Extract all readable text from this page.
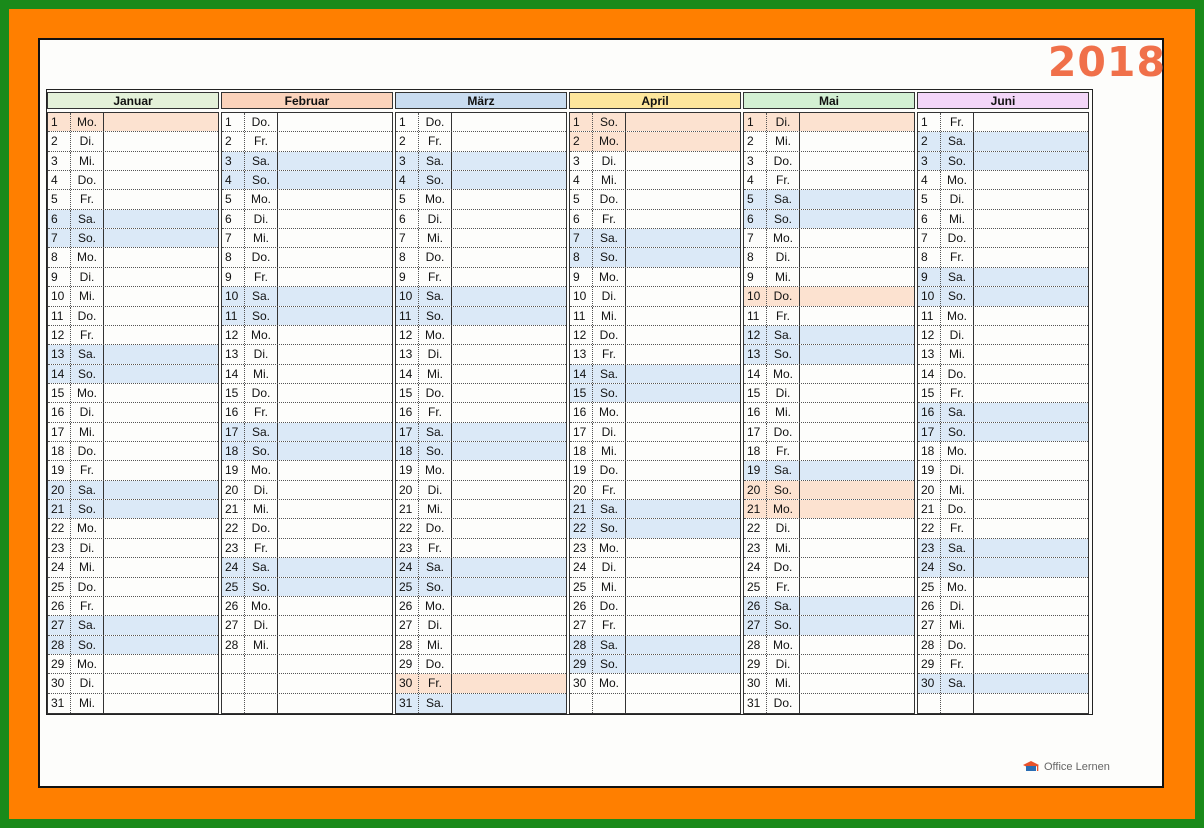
2018
Januar
1	Mo.
2	Di.
3	Mi.
4	Do.
5	Fr.
6	Sa.
7	So.
8	Mo.
9	Di.
10	Mi.
11	Do.
12	Fr.
13	Sa.
14	So.
15	Mo.
16	Di.
17	Mi.
18	Do.
19	Fr.
20	Sa.
21	So.
22	Mo.
23	Di.
24	Mi.
25	Do.
26	Fr.
27	Sa.
28	So.
29	Mo.
30	Di.
31	Mi.
Februar
1	Do.
2	Fr.
3	Sa.
4	So.
5	Mo.
6	Di.
7	Mi.
8	Do.
9	Fr.
10	Sa.
11	So.
12	Mo.
13	Di.
14	Mi.
15	Do.
16	Fr.
17	Sa.
18	So.
19	Mo.
20	Di.
21	Mi.
22	Do.
23	Fr.
24	Sa.
25	So.
26	Mo.
27	Di.
28	Mi.
März
1	Do.
2	Fr.
3	Sa.
4	So.
5	Mo.
6	Di.
7	Mi.
8	Do.
9	Fr.
10	Sa.
11	So.
12	Mo.
13	Di.
14	Mi.
15	Do.
16	Fr.
17	Sa.
18	So.
19	Mo.
20	Di.
21	Mi.
22	Do.
23	Fr.
24	Sa.
25	So.
26	Mo.
27	Di.
28	Mi.
29	Do.
30	Fr.
31	Sa.
April
1	So.
2	Mo.
3	Di.
4	Mi.
5	Do.
6	Fr.
7	Sa.
8	So.
9	Mo.
10	Di.
11	Mi.
12	Do.
13	Fr.
14	Sa.
15	So.
16	Mo.
17	Di.
18	Mi.
19	Do.
20	Fr.
21	Sa.
22	So.
23	Mo.
24	Di.
25	Mi.
26	Do.
27	Fr.
28	Sa.
29	So.
30	Mo.
Mai
1	Di.
2	Mi.
3	Do.
4	Fr.
5	Sa.
6	So.
7	Mo.
8	Di.
9	Mi.
10	Do.
11	Fr.
12	Sa.
13	So.
14	Mo.
15	Di.
16	Mi.
17	Do.
18	Fr.
19	Sa.
20	So.
21	Mo.
22	Di.
23	Mi.
24	Do.
25	Fr.
26	Sa.
27	So.
28	Mo.
29	Di.
30	Mi.
31	Do.
Juni
1	Fr.
2	Sa.
3	So.
4	Mo.
5	Di.
6	Mi.
7	Do.
8	Fr.
9	Sa.
10	So.
11	Mo.
12	Di.
13	Mi.
14	Do.
15	Fr.
16	Sa.
17	So.
18	Mo.
19	Di.
20	Mi.
21	Do.
22	Fr.
23	Sa.
24	So.
25	Mo.
26	Di.
27	Mi.
28	Do.
29	Fr.
30	Sa.
Office Lernen
